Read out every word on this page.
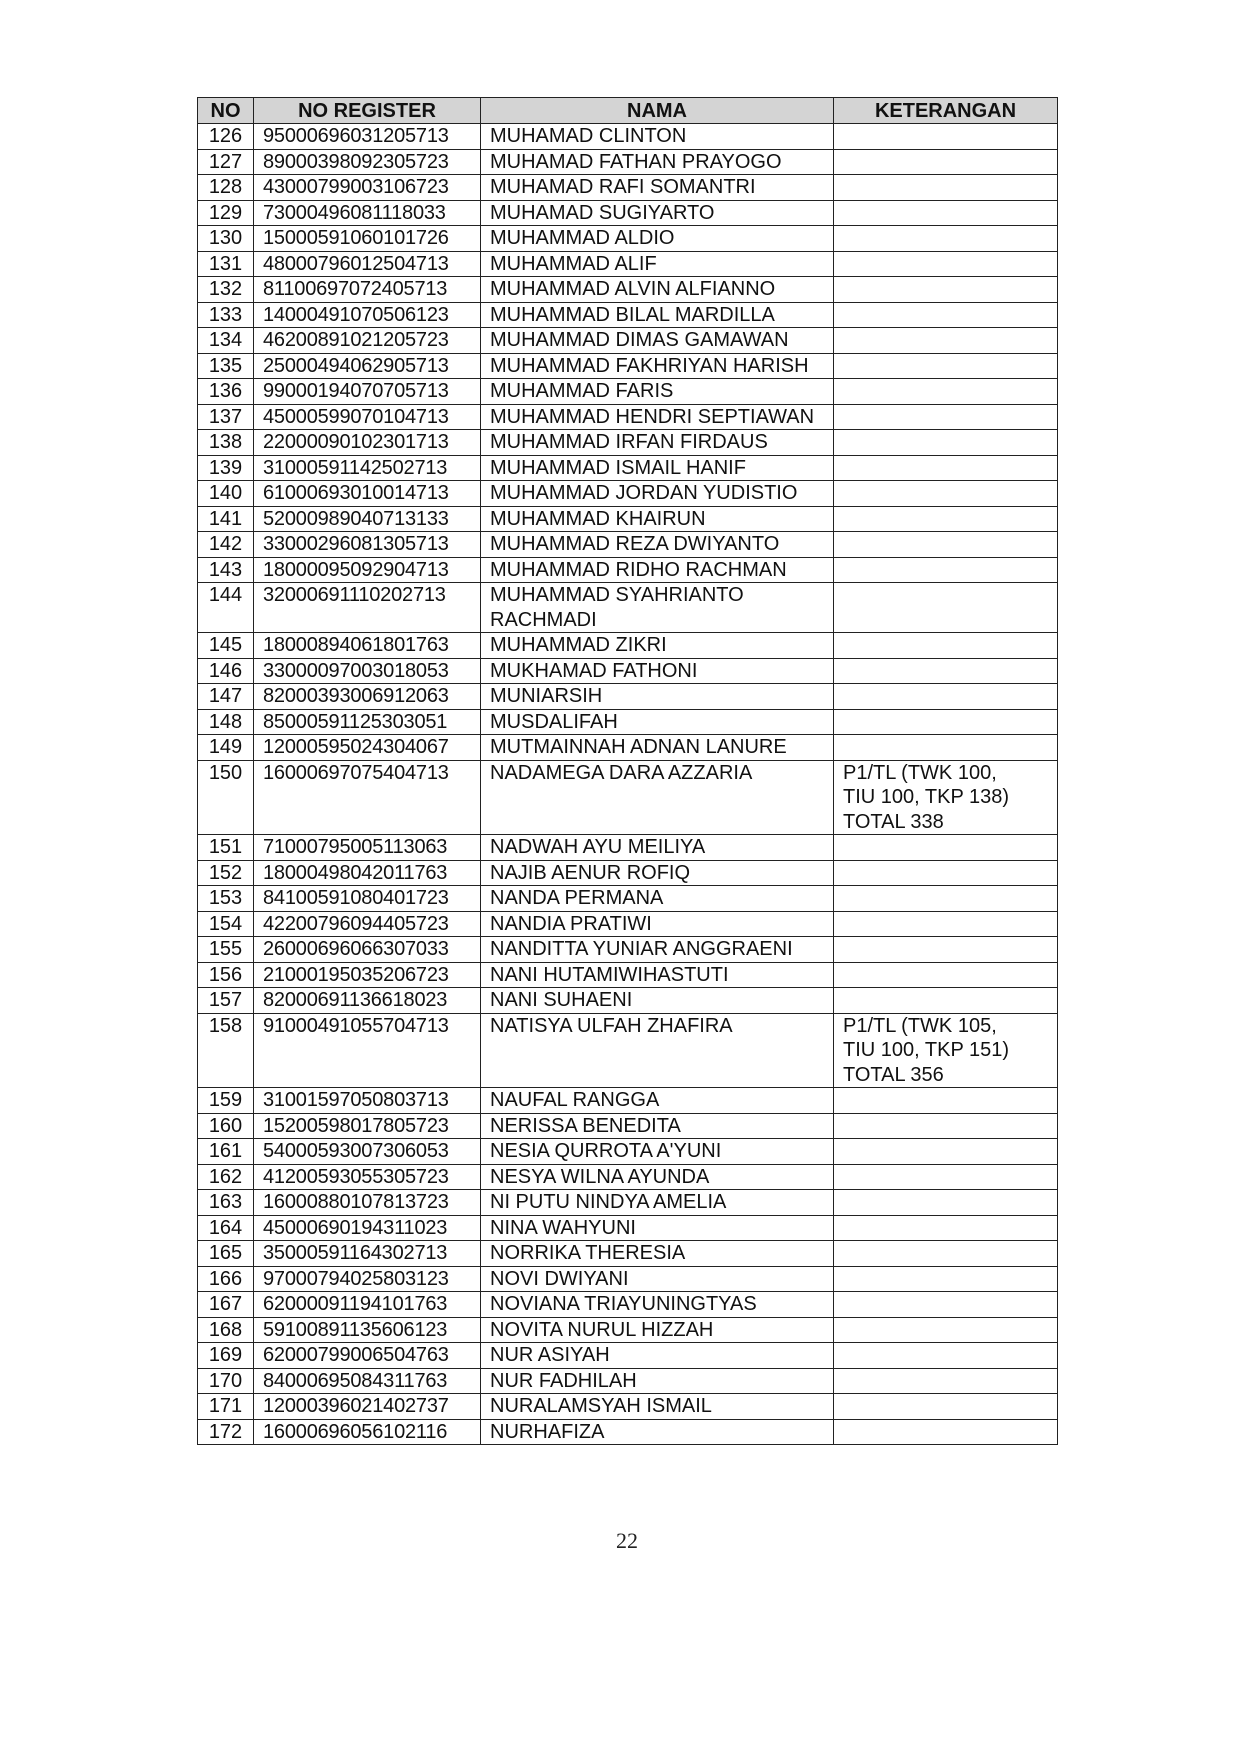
NO	NO REGISTER	NAMA	KETERANGAN
126	95000696031205713	MUHAMAD CLINTON	
127	89000398092305723	MUHAMAD FATHAN PRAYOGO	
128	43000799003106723	MUHAMAD RAFI SOMANTRI	
129	73000496081118033	MUHAMAD SUGIYARTO	
130	15000591060101726	MUHAMMAD ALDIO	
131	48000796012504713	MUHAMMAD ALIF	
132	81100697072405713	MUHAMMAD ALVIN ALFIANNO	
133	14000491070506123	MUHAMMAD BILAL MARDILLA	
134	46200891021205723	MUHAMMAD DIMAS GAMAWAN	
135	25000494062905713	MUHAMMAD FAKHRIYAN HARISH	
136	99000194070705713	MUHAMMAD FARIS	
137	45000599070104713	MUHAMMAD HENDRI SEPTIAWAN	
138	22000090102301713	MUHAMMAD IRFAN FIRDAUS	
139	31000591142502713	MUHAMMAD ISMAIL HANIF	
140	61000693010014713	MUHAMMAD JORDAN YUDISTIO	
141	52000989040713133	MUHAMMAD KHAIRUN	
142	33000296081305713	MUHAMMAD REZA DWIYANTO	
143	18000095092904713	MUHAMMAD RIDHO RACHMAN	
144	32000691110202713	MUHAMMAD SYAHRIANTO RACHMADI	
145	18000894061801763	MUHAMMAD ZIKRI	
146	33000097003018053	MUKHAMAD FATHONI	
147	82000393006912063	MUNIARSIH	
148	85000591125303051	MUSDALIFAH	
149	12000595024304067	MUTMAINNAH ADNAN LANURE	
150	16000697075404713	NADAMEGA DARA AZZARIA	P1/TL (TWK 100,
TIU 100, TKP 138)
TOTAL 338
151	71000795005113063	NADWAH AYU MEILIYA	
152	18000498042011763	NAJIB AENUR ROFIQ	
153	84100591080401723	NANDA PERMANA	
154	42200796094405723	NANDIA PRATIWI	
155	26000696066307033	NANDITTA YUNIAR ANGGRAENI	
156	21000195035206723	NANI HUTAMIWIHASTUTI	
157	82000691136618023	NANI SUHAENI	
158	91000491055704713	NATISYA ULFAH ZHAFIRA	P1/TL (TWK 105,
TIU 100, TKP 151)
TOTAL 356
159	31001597050803713	NAUFAL RANGGA	
160	15200598017805723	NERISSA BENEDITA	
161	54000593007306053	NESIA QURROTA A'YUNI	
162	41200593055305723	NESYA WILNA AYUNDA	
163	16000880107813723	NI PUTU NINDYA AMELIA	
164	45000690194311023	NINA WAHYUNI	
165	35000591164302713	NORRIKA THERESIA	
166	97000794025803123	NOVI DWIYANI	
167	62000091194101763	NOVIANA TRIAYUNINGTYAS	
168	59100891135606123	NOVITA NURUL HIZZAH	
169	62000799006504763	NUR ASIYAH	
170	84000695084311763	NUR FADHILAH	
171	12000396021402737	NURALAMSYAH ISMAIL	
172	16000696056102116	NURHAFIZA	
22
